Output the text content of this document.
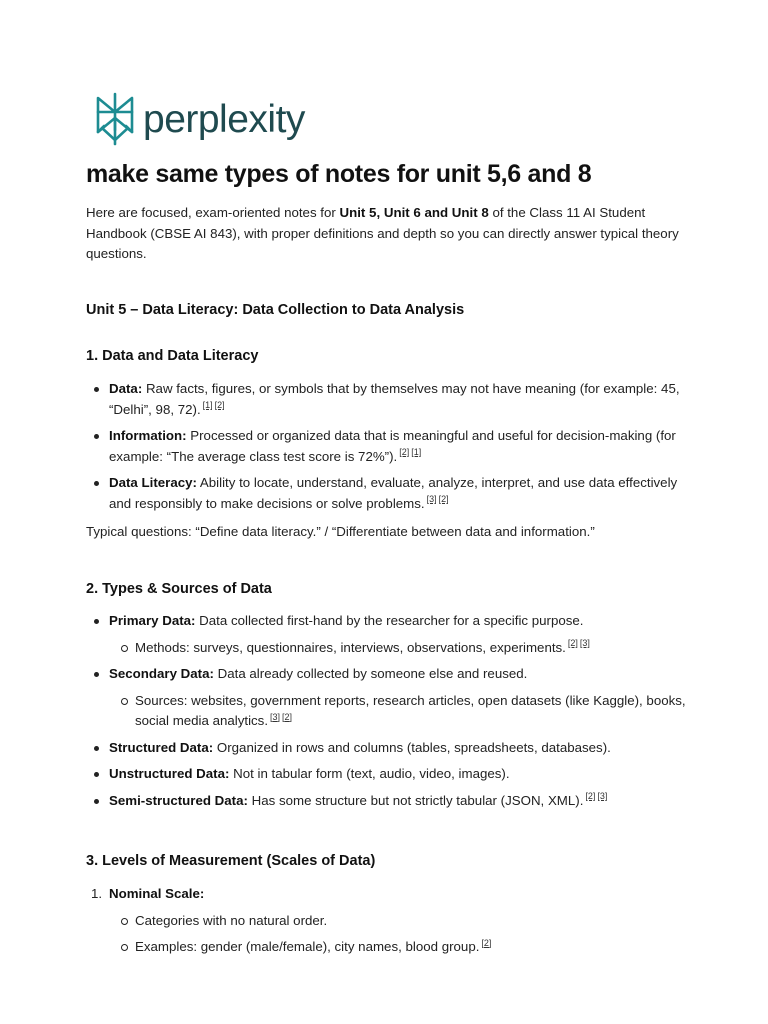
perplexity
make same types of notes for unit 5,6 and 8

Here are focused, exam-oriented notes for Unit 5, Unit 6 and Unit 8 of the Class 11 AI Student Handbook (CBSE AI 843), with proper definitions and depth so you can directly answer typical theory questions.

Unit 5 – Data Literacy: Data Collection to Data Analysis
1. Data and Data Literacy
Data: Raw facts, figures, or symbols that by themselves may not have meaning (for example: 45, “Delhi”, 98, 72). [1] [2]
Information: Processed or organized data that is meaningful and useful for decision-making (for example: “The average class test score is 72%”). [2] [1]
Data Literacy: Ability to locate, understand, evaluate, analyze, interpret, and use data effectively and responsibly to make decisions or solve problems. [3] [2]

Typical questions: “Define data literacy.” / “Differentiate between data and information.”

2. Types & Sources of Data
Primary Data: Data collected first-hand by the researcher for a specific purpose.
Methods: surveys, questionnaires, interviews, observations, experiments. [2] [3]
Secondary Data: Data already collected by someone else and reused.
Sources: websites, government reports, research articles, open datasets (like Kaggle), books, social media analytics. [3] [2]
Structured Data: Organized in rows and columns (tables, spreadsheets, databases).
Unstructured Data: Not in tabular form (text, audio, video, images).
Semi-structured Data: Has some structure but not strictly tabular (JSON, XML). [2] [3]
3. Levels of Measurement (Scales of Data)
1. Nominal Scale:
Categories with no natural order.
Examples: gender (male/female), city names, blood group. [2]
